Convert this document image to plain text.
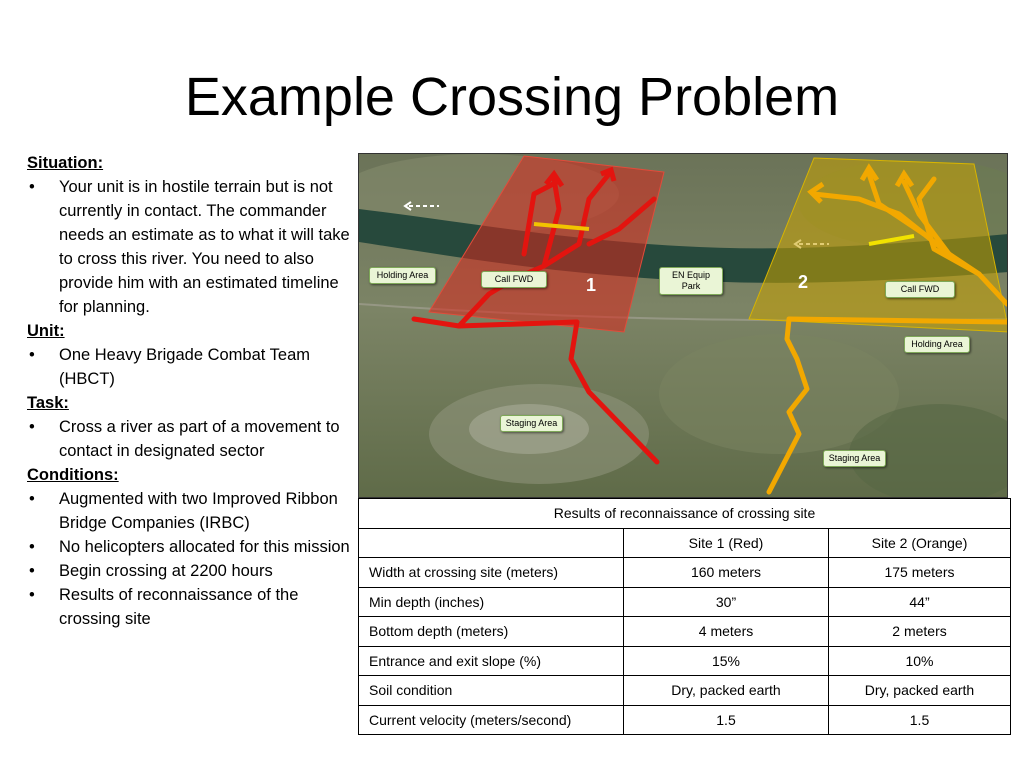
Example Crossing Problem
Situation:
• Your unit is in hostile terrain but is not currently in contact. The commander needs an estimate as to what it will take to cross this river. You need to also provide him with an estimated timeline for planning.
Unit:
• One Heavy Brigade Combat Team (HBCT)
Task:
• Cross a river as part of a movement to contact in designated sector
Conditions:
• Augmented with two Improved Ribbon Bridge Companies (IRBC)
• No helicopters allocated for this mission
• Begin crossing at 2200 hours
• Results of reconnaissance of the crossing site
Holding Area	Call FWD	EN Equip Park	Call FWD
Holding Area
Staging Area
Staging Area
1	2
Results of reconnaissance of crossing site		
	Site 1 (Red)	Site 2 (Orange)
Width at crossing site (meters)	160 meters	175 meters
Min depth (inches)	30”	44”
Bottom depth (meters)	4 meters	2 meters
Entrance and exit slope (%)	15%	10%
Soil condition	Dry, packed earth	Dry, packed earth
Current velocity (meters/second)	1.5	1.5
